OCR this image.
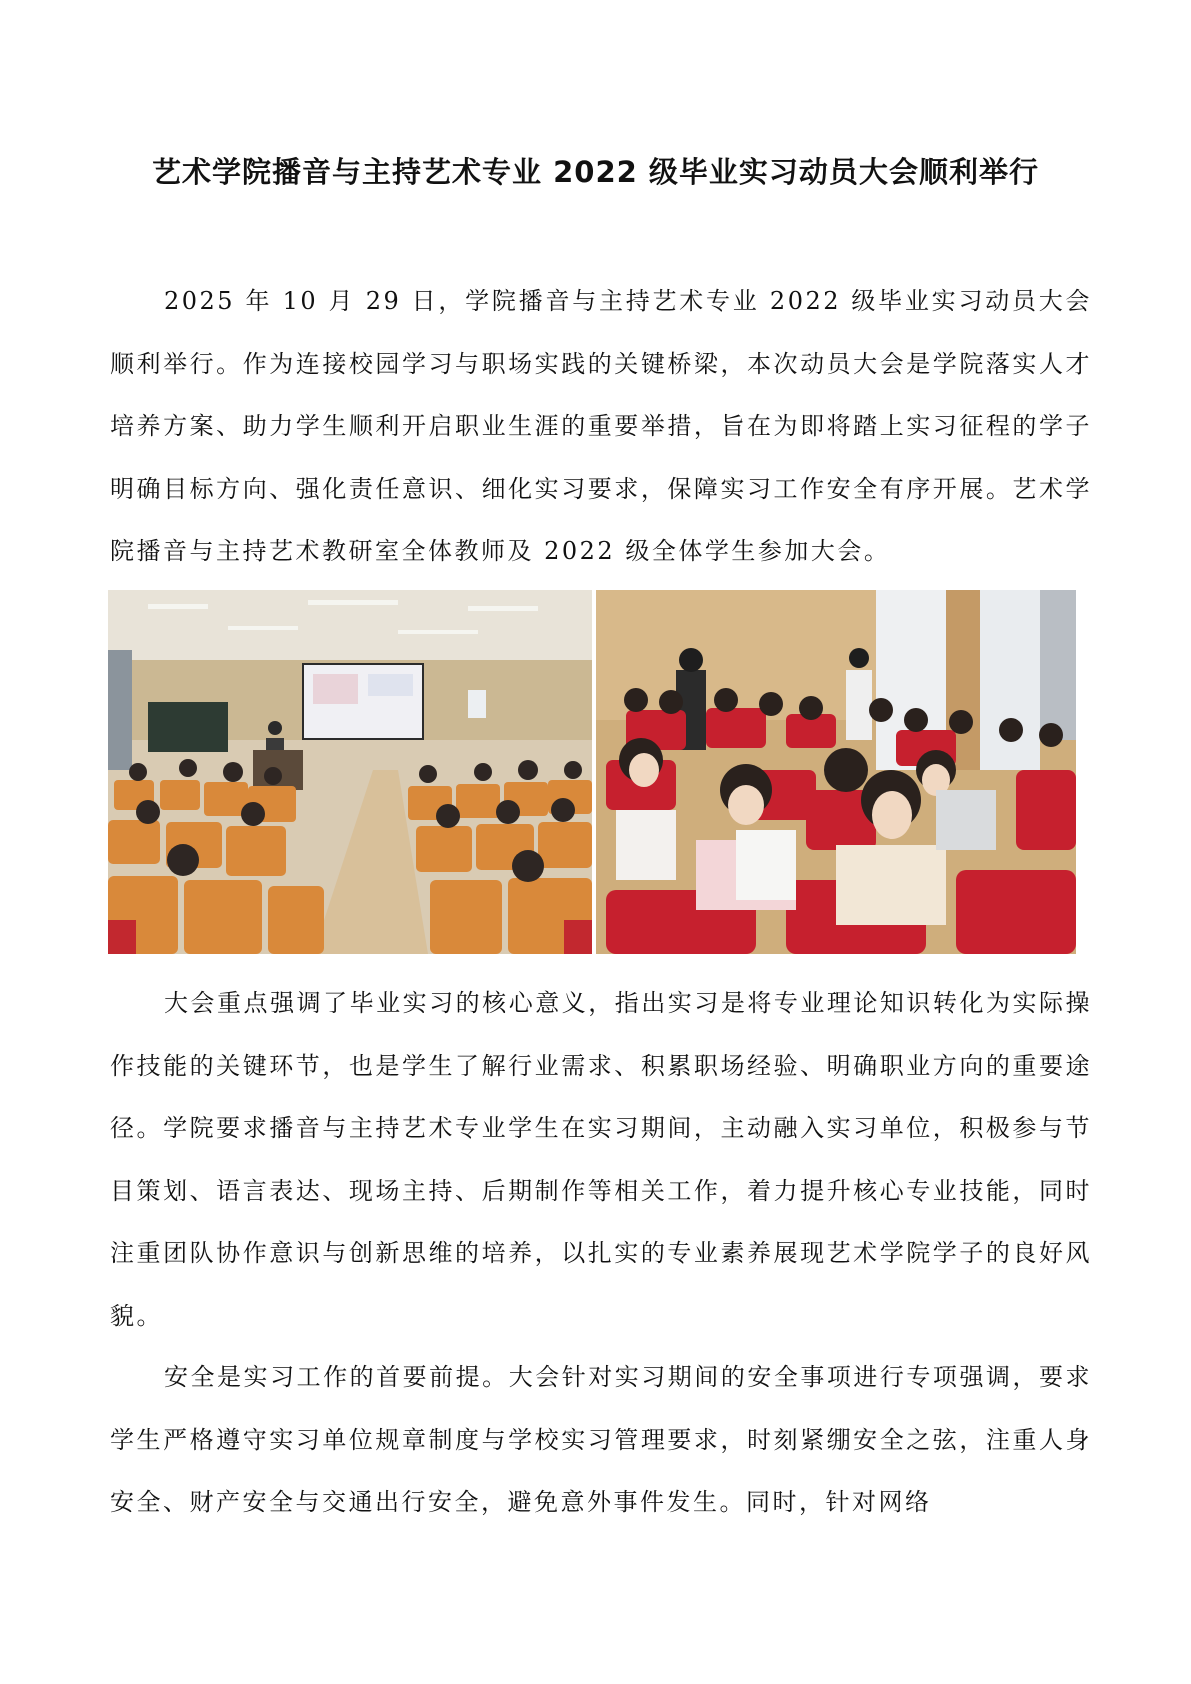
艺术学院播音与主持艺术专业 2022 级毕业实习动员大会顺利举行

2025 年 10 月 29 日，学院播音与主持艺术专业 2022 级毕业实习动员大会顺利举行。作为连接校园学习与职场实践的关键桥梁，本次动员大会是学院落实人才培养方案、助力学生顺利开启职业生涯的重要举措，旨在为即将踏上实习征程的学子明确目标方向、强化责任意识、细化实习要求，保障实习工作安全有序开展。艺术学院播音与主持艺术教研室全体教师及 2022 级全体学生参加大会。

大会重点强调了毕业实习的核心意义，指出实习是将专业理论知识转化为实际操作技能的关键环节，也是学生了解行业需求、积累职场经验、明确职业方向的重要途径。学院要求播音与主持艺术专业学生在实习期间，主动融入实习单位，积极参与节目策划、语言表达、现场主持、后期制作等相关工作，着力提升核心专业技能，同时注重团队协作意识与创新思维的培养，以扎实的专业素养展现艺术学院学子的良好风貌。

安全是实习工作的首要前提。大会针对实习期间的安全事项进行专项强调，要求学生严格遵守实习单位规章制度与学校实习管理要求，时刻紧绷安全之弦，注重人身安全、财产安全与交通出行安全，避免意外事件发生。同时，针对网络
